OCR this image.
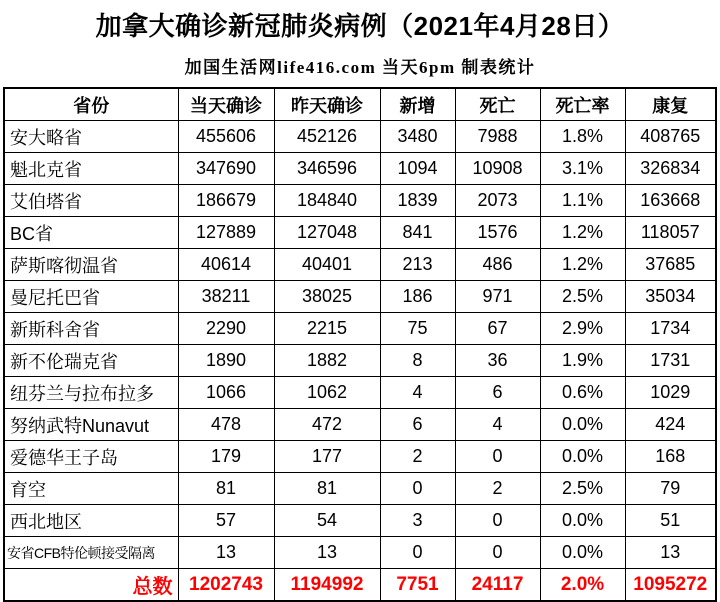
加拿大确诊新冠肺炎病例（2021年4月28日）
加国生活网life416.com 当天6pm 制表统计
省份	当天确诊	昨天确诊	新增	死亡	死亡率	康复
安大略省	455606	452126	3480	7988	1.8%	408765
魁北克省	347690	346596	1094	10908	3.1%	326834
艾伯塔省	186679	184840	1839	2073	1.1%	163668
BC省	127889	127048	841	1576	1.2%	118057
萨斯喀彻温省	40614	40401	213	486	1.2%	37685
曼尼托巴省	38211	38025	186	971	2.5%	35034
新斯科舍省	2290	2215	75	67	2.9%	1734
新不伦瑞克省	1890	1882	8	36	1.9%	1731
纽芬兰与拉布拉多	1066	1062	4	6	0.6%	1029
努纳武特Nunavut	478	472	6	4	0.0%	424
爱德华王子岛	179	177	2	0	0.0%	168
育空	81	81	0	2	2.5%	79
西北地区	57	54	3	0	0.0%	51
安省CFB特伦顿接受隔离	13	13	0	0	0.0%	13
总数	1202743	1194992	7751	24117	2.0%	1095272
